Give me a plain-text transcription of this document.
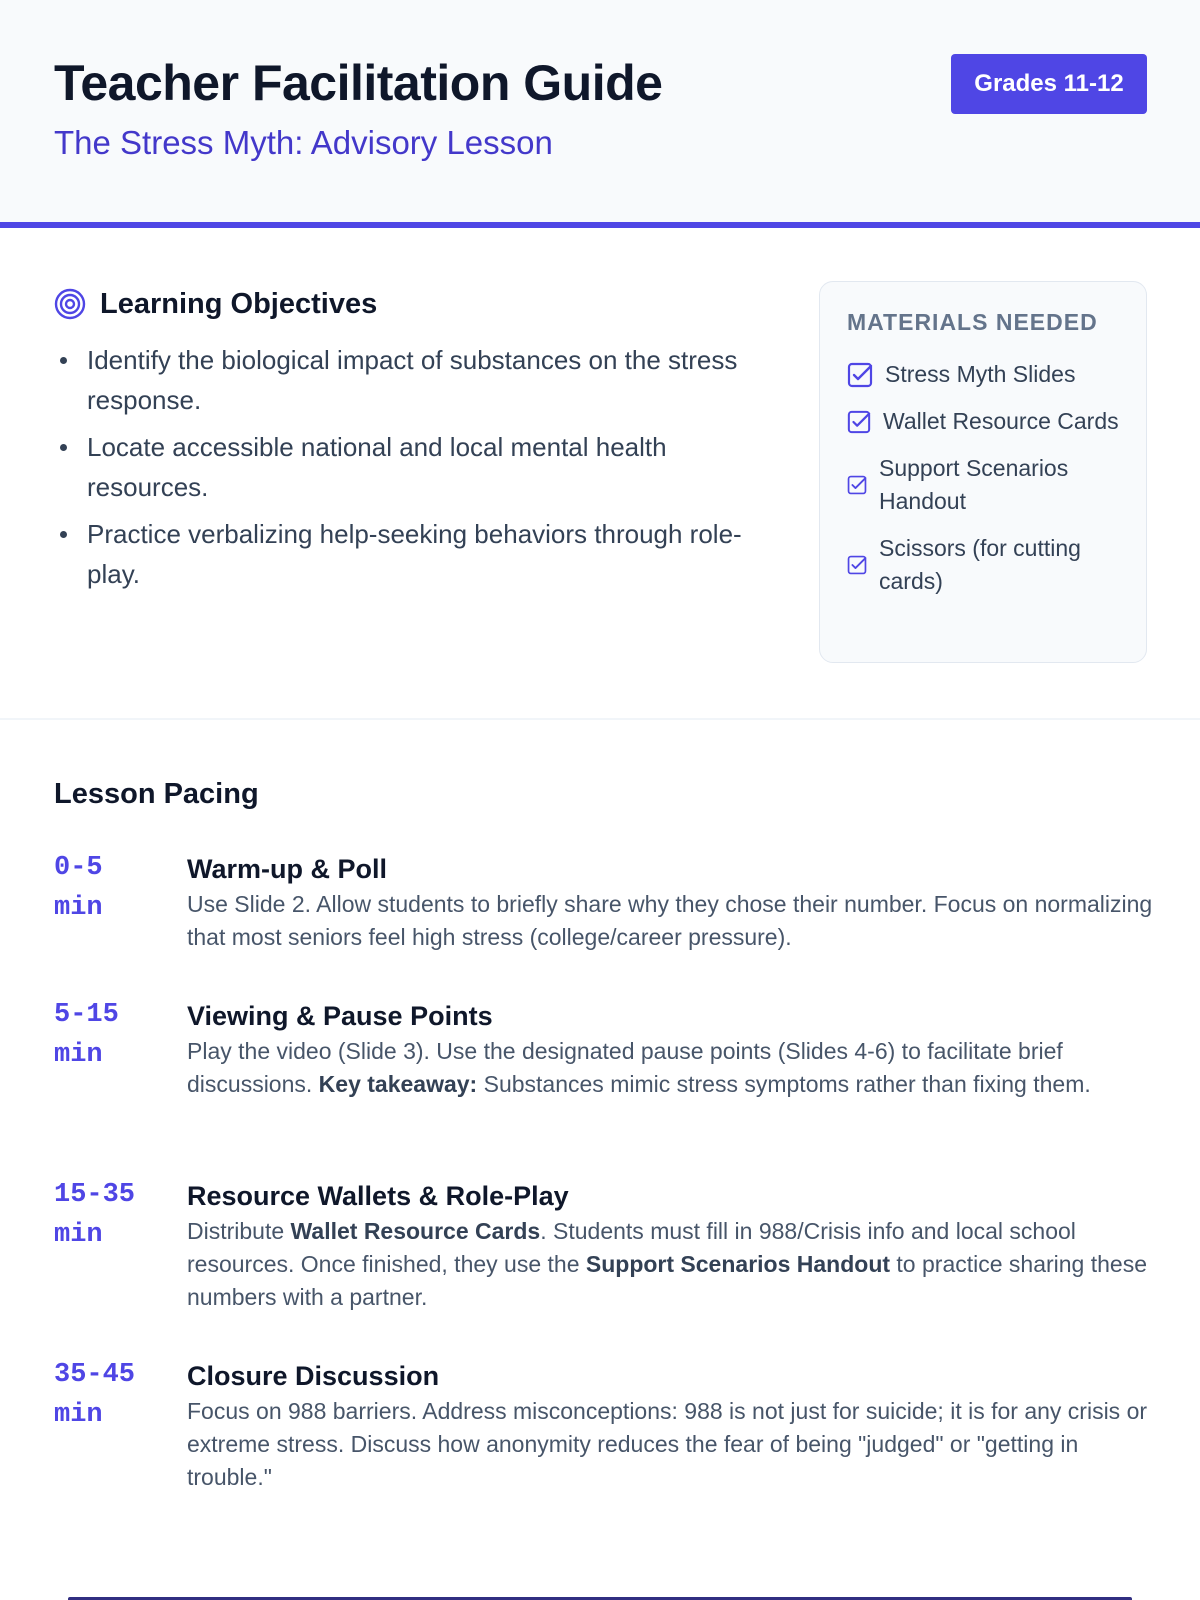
Teacher Facilitation Guide
The Stress Myth: Advisory Lesson
Grades 11-12
Learning Objectives
Identify the biological impact of substances on the stress response.
Locate accessible national and local mental health resources.
Practice verbalizing help-seeking behaviors through role-play.
MATERIALS NEEDED
Stress Myth Slides
Wallet Resource Cards
Support Scenarios Handout
Scissors (for cutting cards)
Lesson Pacing
0-5
min
Warm-up & Poll

Use Slide 2. Allow students to briefly share why they chose their number. Focus on normalizing that most seniors feel high stress (college/career pressure).

5-15
min
Viewing & Pause Points

Play the video (Slide 3). Use the designated pause points (Slides 4-6) to facilitate brief discussions. Key takeaway: Substances mimic stress symptoms rather than fixing them.

15-35
min
Resource Wallets & Role-Play

Distribute Wallet Resource Cards. Students must fill in 988/Crisis info and local school resources. Once finished, they use the Support Scenarios Handout to practice sharing these numbers with a partner.

35-45
min
Closure Discussion

Focus on 988 barriers. Address misconceptions: 988 is not just for suicide; it is for any crisis or extreme stress. Discuss how anonymity reduces the fear of being "judged" or "getting in trouble."
